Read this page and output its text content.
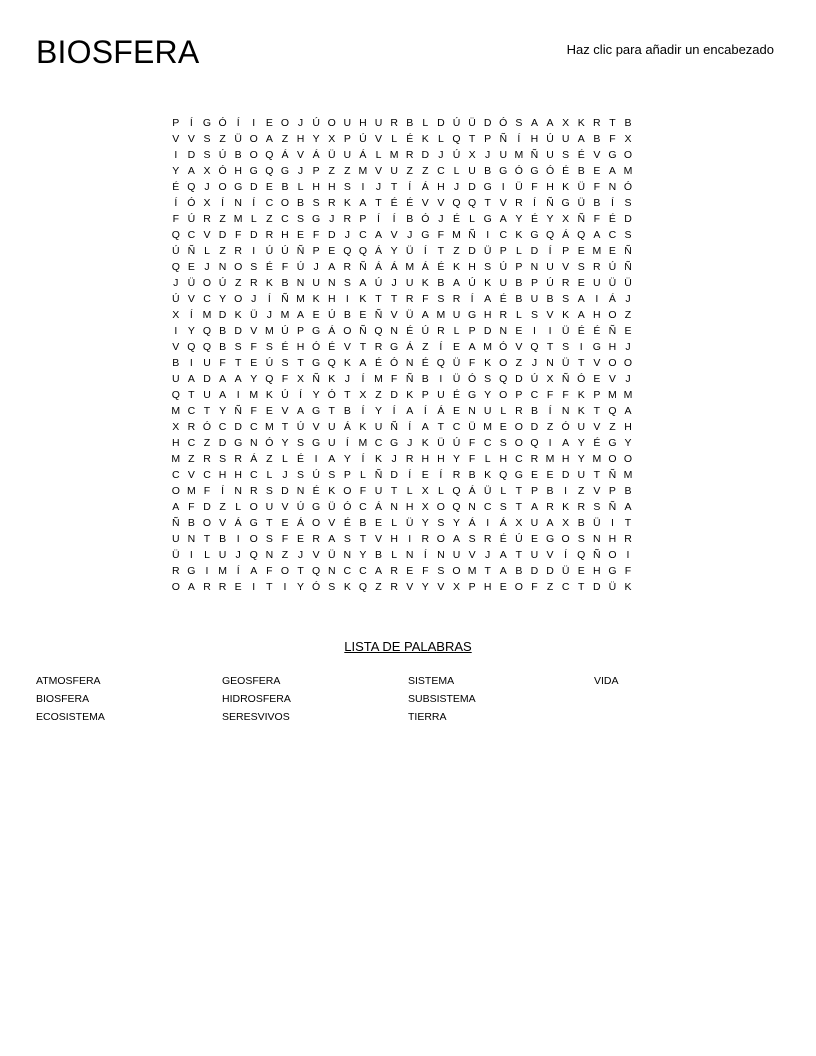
BIOSFERA	Haz clic para añadir un encabezado
P	Í G Ó Í	I	E O J Ú O U H U R B L D Ú Ü D Ó S A A X K R T B
V V S Z Ü O A Z H Y X P Ú V L É K L Q T P Ñ Í H Ú U A B F X
I D S Ú B O Q Á V Á Ü U Á L M R D J Ú X J U M Ñ U S É V G O
Y A X Ó H G Q G J P Z Z M V U Z Z C L U B G Ó G Ó É B E A M
É Q J O G D E B L H H S	I	J T	Í	Á H J D G I Ü F H K Ü F N Ó
Í Ó X	Í N Í C O B S R K A T É É V V Q Q T V R Í Ñ G Ü B	Í	S
F Ú R Z M L Z C S G J R P	Í	Í	B Ó J É L G A Y É Y X Ñ F É D
Q C V D F D R H E F D J C A V J G F M Ñ I C K G Q Á Q A C S
Ú Ñ L Z R I Ú Ú Ñ P E Q Q Á Y Ü Í	T Z D Ü P L D Í	P E M E Ñ
Q E J N O S É F Ú J A R Ñ Á Á M Á É K H S Ú P N U V S R Ú Ñ
J Ü O Ú Z R K B N U N S A Ú J U K B A Ú K U B P Ú R E U Ü Ü
Ú V C Y O J	Í Ñ M K H I	K T T R F S R Í	A É B U B S A	I	Á J
X	Í M D K Ü J M A E Ú B E Ñ V Ü A M U G H R L S V K A H O Z
I	Y Q B D V M Ú P G Á O Ñ Q N É Ú R L P D N E	I	I Ü É É Ñ E
V Q Q B S F S É H Ó É V T R G Á Z	Í	E A M Ó V Q T S	I G H J
B	I U F T E Ú S T G Q K A É Ó N É Q Ü F K O Z J N Ü T V O O
U A D A A Y Q F X Ñ K J	Í M F Ñ B	I Ü Ó S Q D Ú X Ñ Ó E V J
Q T U A	I M K Ú Í	Y Ó T X Z D K P U É G Y O P C F F K P M M
M C T Y Ñ F E V A G T B	Í	Y	Í	A	Í	Á E N U L R B	Í N K T Q A
X R Ó C D C M T Ú V U Á K U Ñ Í	A T C Ü M E O D Z Ó U V Z H
H C Z D G N Ó Y S G U Í M C G J K Ü Ú F C S O Q I	A Y É G Y
M Z R S R Á Z L É	I	A Y	Í	K J R H H Y F L H C R M H Y M O O
C V C H H C L J S Ú S P L Ñ D Í	E	Í R B K Q G E E D U T Ñ M
O M F	Í N R S D N É K O F U T L X L Q Á Ü L T P B	I	Z V P B
A F D Z L O U V Ú G Ü Ó C Á N H X O Q N C S T A R K R S Ñ A
Ñ B O V Á G T E Á O V É B E L Ü Y S Y Á	I	Á X U A X B Ü I	T
U N T B	I O S F E R A S T V H I R O A S R É Ú E G O S N H R
Ü I	L U J Q N Z J V Ü N Y B L N Í N U V J A T U V	Í Q Ñ O I
R G I M Í	A F O T Q N C C A R E F S O M T A B D D Ü E H G F
O A R R E	I	T	I	Y Ó S K Q Z R V Y V X P H E O F Z C T D Ü K
LISTA DE PALABRAS
ATMOSFERA	GEOSFERA	SISTEMA	VIDA
BIOSFERA	HIDROSFERA	SUBSISTEMA
ECOSISTEMA	SERESVIVOS	TIERRA
